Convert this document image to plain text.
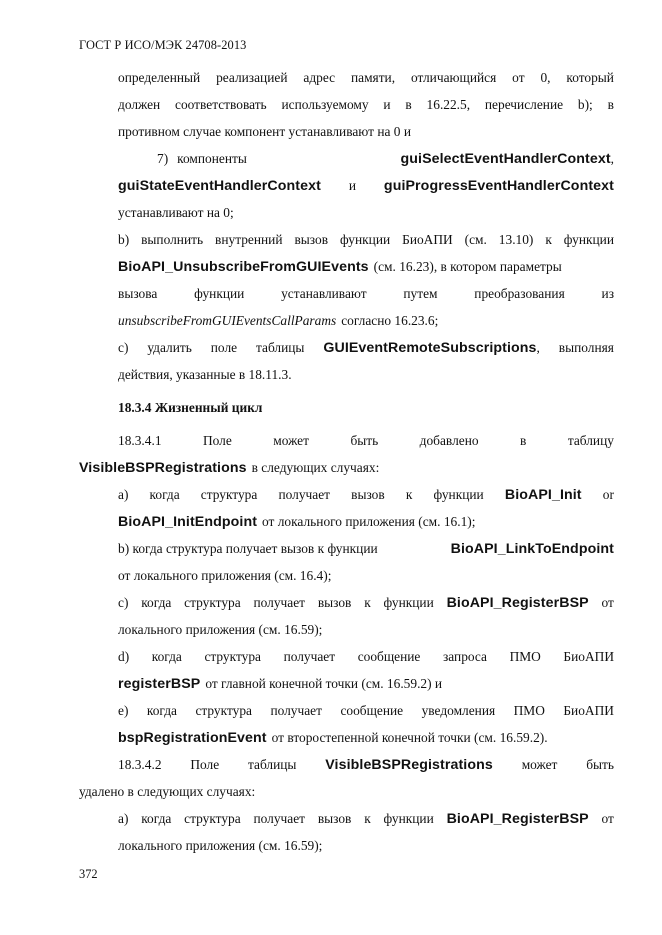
ГОСТ Р ИСО/МЭК 24708-2013
определенный реализацией адрес памяти, отличающийся от 0, который
должен соответствовать используемому и в 16.22.5, перечисление b); в
противном случае компонент устанавливают на 0 и
7) компоненты	guiSelectEventHandlerContext,
guiStateEventHandlerContext и guiProgressEventHandlerContext
устанавливают на 0;
b) выполнить внутренний вызов функции БиоАПИ (см. 13.10) к функции
BioAPI_UnsubscribeFromGUIEvents (см. 16.23), в котором параметры
вызова	функции	устанавливают	путем	преобразования	из
unsubscribeFromGUIEventsCallParams согласно 16.23.6;
c) удалить поле таблицы GUIEventRemoteSubscriptions, выполняя
действия, указанные в 18.11.3.
18.3.4 Жизненный цикл
18.3.4.1	Поле	может	быть	добавлено	в	таблицу
VisibleBSPRegistrations в следующих случаях:
a) когда структура получает вызов к функции BioAPI_Init or
BioAPI_InitEndpoint от локального приложения (см. 16.1);
b) когда структура получает вызов к функции	BioAPI_LinkToEndpoint
от локального приложения (см. 16.4);
c) когда структура получает вызов к функции BioAPI_RegisterBSP от
локального приложения (см. 16.59);
d) когда структура получает сообщение запроса ПМО БиоАПИ
registerBSP от главной конечной точки (см. 16.59.2) и
e) когда структура получает сообщение уведомления ПМО БиоАПИ
bspRegistrationEvent от второстепенной конечной точки (см. 16.59.2).
18.3.4.2 Поле таблицы VisibleBSPRegistrations может быть
удалено в следующих случаях:
a) когда структура получает вызов к функции BioAPI_RegisterBSP от
локального приложения (см. 16.59);
372
